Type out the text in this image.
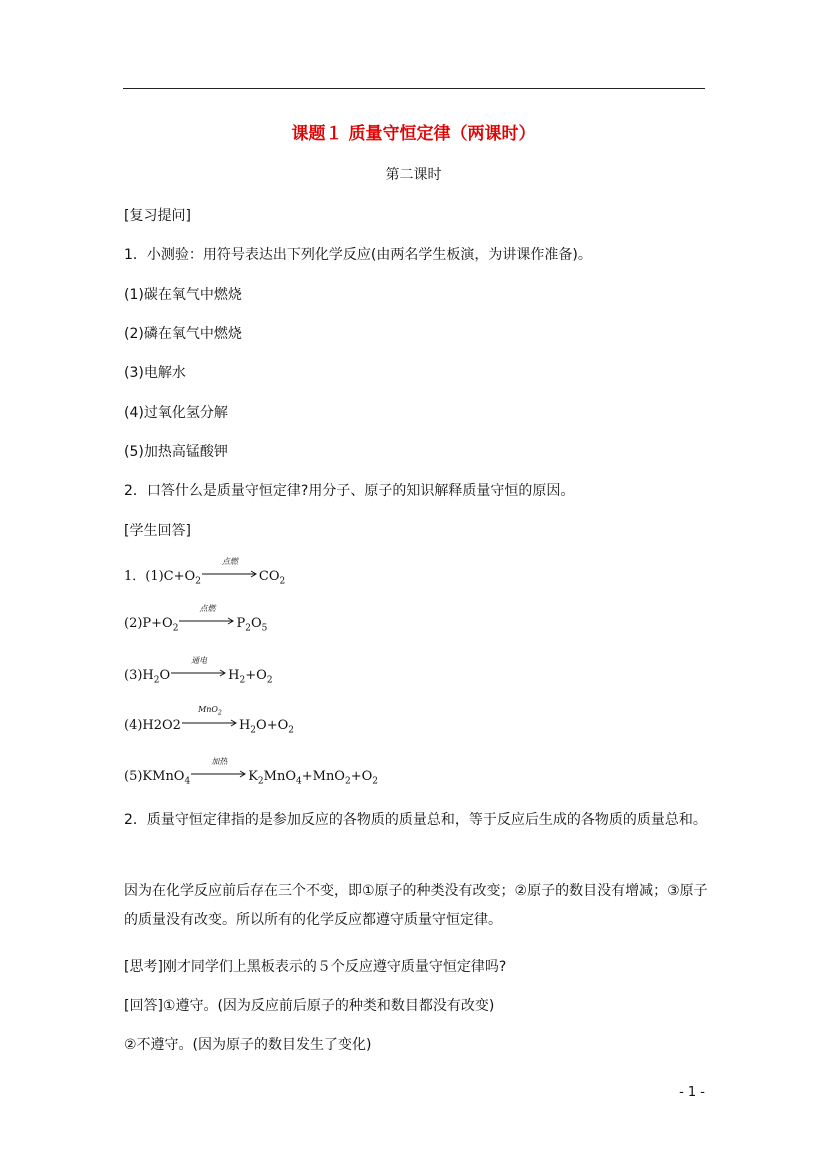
课题１ 质量守恒定律（两课时）
第二课时
[复习提问]
1．小测验：用符号表达出下列化学反应(由两名学生板演，为讲课作准备)。
(1)碳在氧气中燃烧
(2)磷在氧气中燃烧
(3)电解水
(4)过氧化氢分解
(5)加热高锰酸钾
2．口答什么是质量守恒定律?用分子、原子的知识解释质量守恒的原因。
[学生回答]
1．$(1)C+O_2$
点燃
$CO_2$
$(2)P+O_2$
点燃
$P_2O_5$
$(3)H_2O$
通电
$H_2+O_2$
(4)H2O2
MnO$_2$
$H_2O+O_2$
(5)KMnO$_4$
加热
$K_2MnO_4+MnO_2+O_2$
2．质量守恒定律指的是参加反应的各物质的质量总和，等于反应后生成的各物质的质量总和。
因为在化学反应前后存在三个不变，即①原子的种类没有改变；②原子的数目没有增减；③原子的质量没有改变。所以所有的化学反应都遵守质量守恒定律。
[思考]刚才同学们上黑板表示的５个反应遵守质量守恒定律吗?
[回答]①遵守。(因为反应前后原子的种类和数目都没有改变)
②不遵守。(因为原子的数目发生了变化)
- 1 -
